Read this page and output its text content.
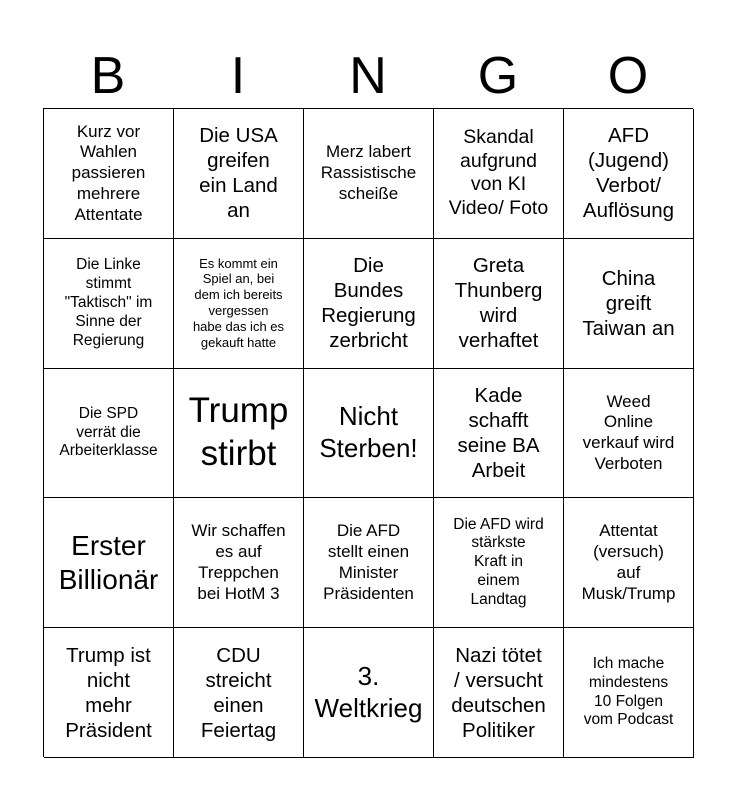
B	I	N	G	O
Kurz vor
Wahlen
passieren
mehrere
Attentate
Die USA
greifen
ein Land
an
Merz labert
Rassistische
scheiße
Skandal
aufgrund
von KI
Video/ Foto
AFD
(Jugend)
Verbot/
Auflösung
Die Linke
stimmt
"Taktisch" im
Sinne der
Regierung
Es kommt ein
Spiel an, bei
dem ich bereits
vergessen
habe das ich es
gekauft hatte
Die
Bundes
Regierung
zerbricht
Greta
Thunberg
wird
verhaftet
China
greift
Taiwan an
Die SPD
verrät die
Arbeiterklasse
Trump
stirbt
Nicht
Sterben!
Kade
schafft
seine BA
Arbeit
Weed
Online
verkauf wird
Verboten
Erster
Billionär
Wir schaffen
es auf
Treppchen
bei HotM 3
Die AFD
stellt einen
Minister
Präsidenten
Die AFD wird
stärkste
Kraft in
einem
Landtag
Attentat
(versuch)
auf
Musk/Trump
Trump ist
nicht
mehr
Präsident
CDU
streicht
einen
Feiertag
3.
Weltkrieg
Nazi tötet
/ versucht
deutschen
Politiker
Ich mache
mindestens
10 Folgen
vom Podcast
